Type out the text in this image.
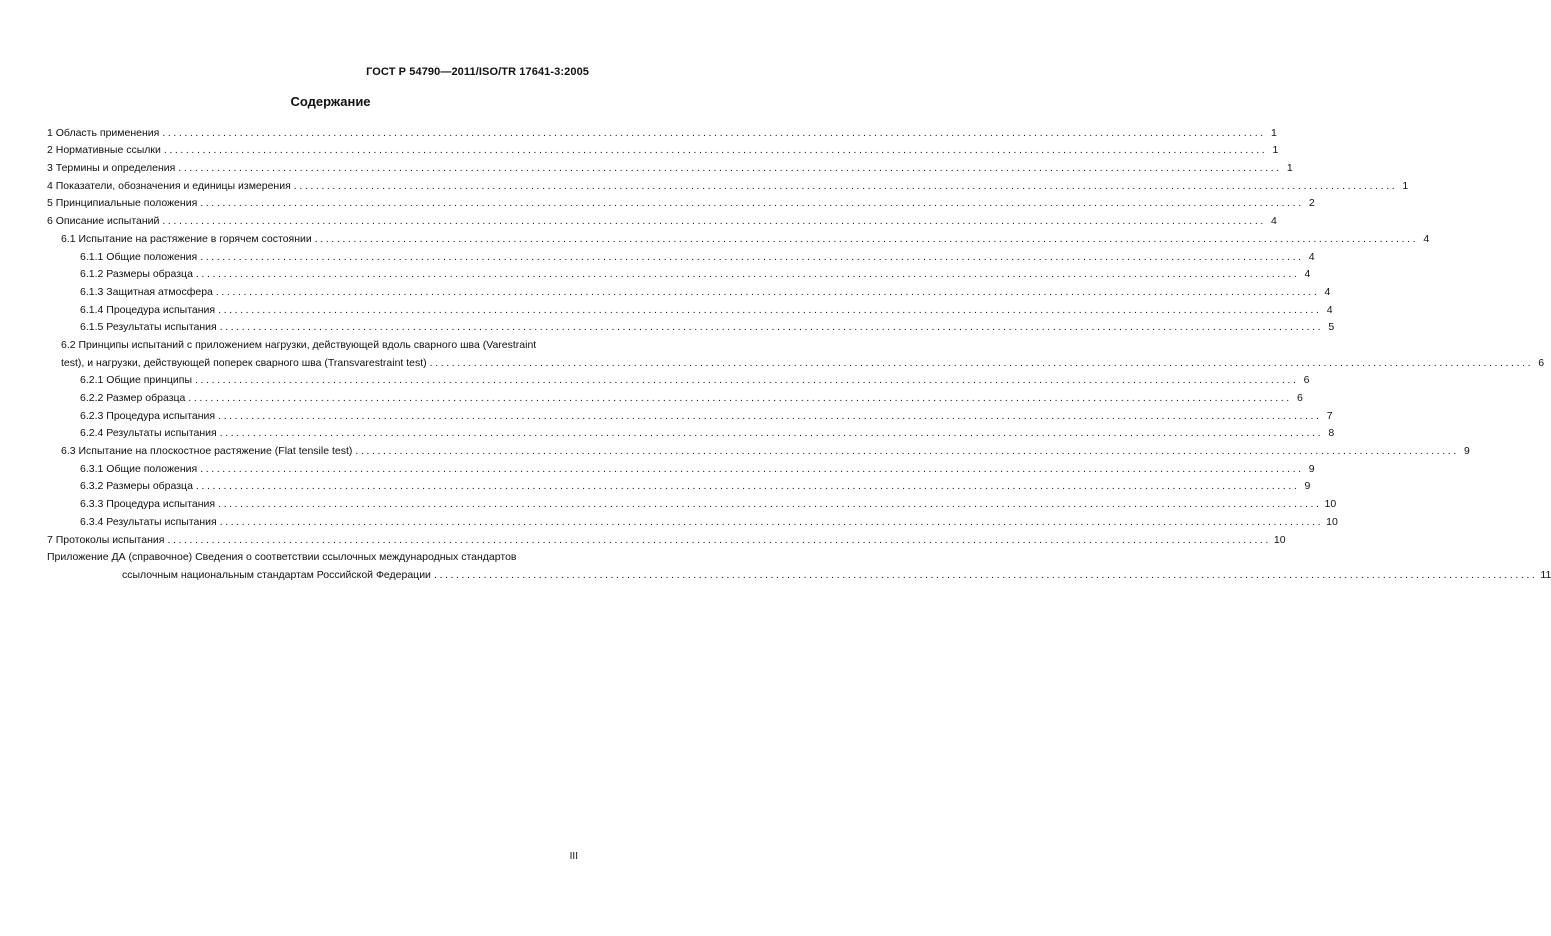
ГОСТ Р 54790—2011/ISO/TR 17641-3:2005
Содержание
1 Область применения ........................................................................................................................................................................................................ 1
2 Нормативные ссылки ........................................................................................................................................................................................................ 1
3 Термины и определения ........................................................................................................................................................................................................ 1
4 Показатели, обозначения и единицы измерения ........................................................................................................................................................................................................ 1
5 Принципиальные положения ........................................................................................................................................................................................................ 2
6 Описание испытаний ........................................................................................................................................................................................................ 4
6.1 Испытание на растяжение в горячем состоянии ........................................................................................................................................................................................................ 4
6.1.1 Общие положения ........................................................................................................................................................................................................ 4
6.1.2 Размеры образца ........................................................................................................................................................................................................ 4
6.1.3 Защитная атмосфера ........................................................................................................................................................................................................ 4
6.1.4 Процедура испытания ........................................................................................................................................................................................................ 4
6.1.5 Результаты испытания ........................................................................................................................................................................................................ 5
6.2 Принципы испытаний с приложением нагрузки, действующей вдоль сварного шва (Varestraint
test), и нагрузки, действующей поперек сварного шва (Transvarestraint test) ........................................................................................................................................................................................................ 6
6.2.1 Общие принципы ........................................................................................................................................................................................................ 6
6.2.2 Размер образца ........................................................................................................................................................................................................ 6
6.2.3 Процедура испытания ........................................................................................................................................................................................................ 7
6.2.4 Результаты испытания ........................................................................................................................................................................................................ 8
6.3 Испытание на плоскостное растяжение (Flat tensile test) ........................................................................................................................................................................................................ 9
6.3.1 Общие положения ........................................................................................................................................................................................................ 9
6.3.2 Размеры образца ........................................................................................................................................................................................................ 9
6.3.3 Процедура испытания ........................................................................................................................................................................................................ 10
6.3.4 Результаты испытания ........................................................................................................................................................................................................ 10
7 Протоколы испытания ........................................................................................................................................................................................................ 10
Приложение ДА (справочное) Сведения о соответствии ссылочных международных стандартов
ссылочным национальным стандартам Российской Федерации ........................................................................................................................................................................................................ 11
III
